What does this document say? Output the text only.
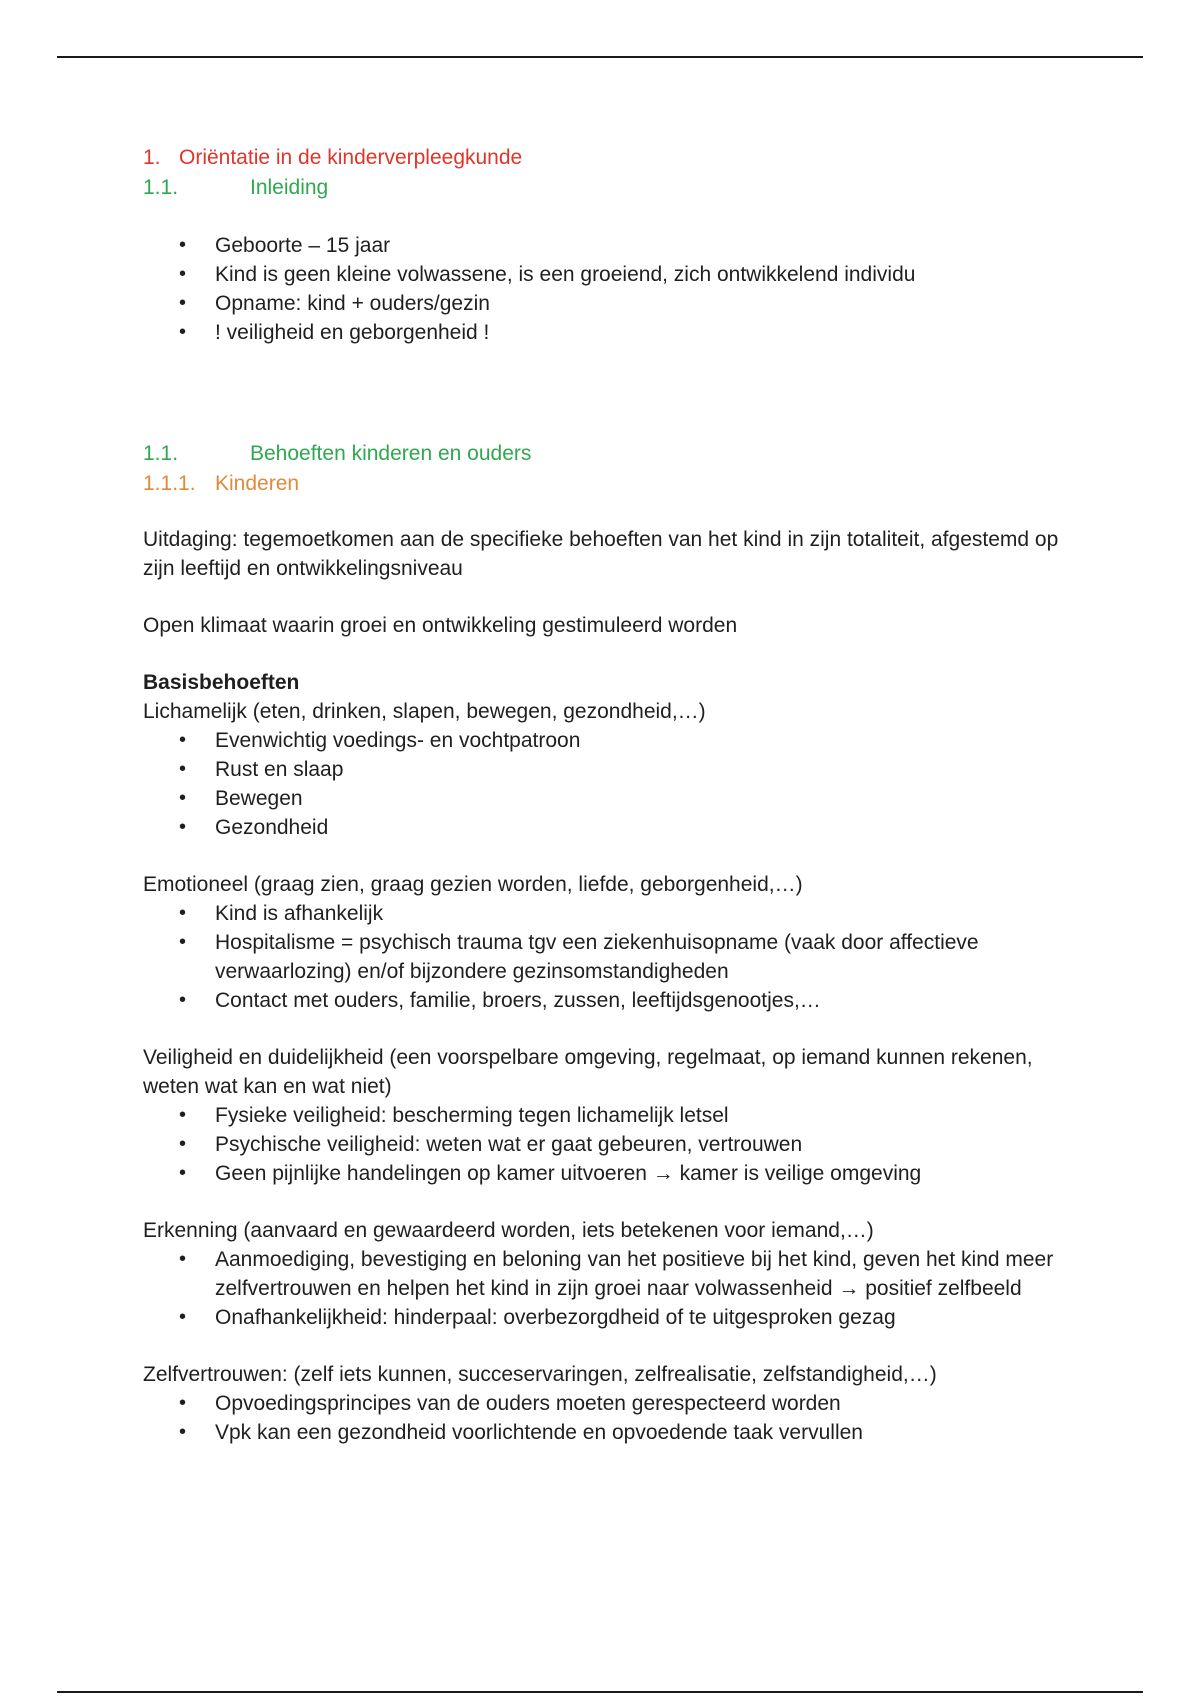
1. Oriëntatie in de kinderverpleegkunde
1.1.	Inleiding
• Geboorte – 15 jaar
• Kind is geen kleine volwassene, is een groeiend, zich ontwikkelend individu
• Opname: kind + ouders/gezin
• ! veiligheid en geborgenheid !
1.1.	Behoeften kinderen en ouders
1.1.1. Kinderen

Uitdaging: tegemoetkomen aan de specifieke behoeften van het kind in zijn totaliteit, afgestemd op zijn leeftijd en ontwikkelingsniveau

Open klimaat waarin groei en ontwikkeling gestimuleerd worden

Basisbehoeften

Lichamelijk (eten, drinken, slapen, bewegen, gezondheid,…)

• Evenwichtig voedings- en vochtpatroon
• Rust en slaap
• Bewegen
• Gezondheid

Emotioneel (graag zien, graag gezien worden, liefde, geborgenheid,…)

• Kind is afhankelijk
• Hospitalisme = psychisch trauma tgv een ziekenhuisopname (vaak door affectieve verwaarlozing) en/of bijzondere gezinsomstandigheden
• Contact met ouders, familie, broers, zussen, leeftijdsgenootjes,…

Veiligheid en duidelijkheid (een voorspelbare omgeving, regelmaat, op iemand kunnen rekenen, weten wat kan en wat niet)

• Fysieke veiligheid: bescherming tegen lichamelijk letsel
• Psychische veiligheid: weten wat er gaat gebeuren, vertrouwen
• Geen pijnlijke handelingen op kamer uitvoeren → kamer is veilige omgeving

Erkenning (aanvaard en gewaardeerd worden, iets betekenen voor iemand,…)

• Aanmoediging, bevestiging en beloning van het positieve bij het kind, geven het kind meer zelfvertrouwen en helpen het kind in zijn groei naar volwassenheid → positief zelfbeeld
• Onafhankelijkheid: hinderpaal: overbezorgdheid of te uitgesproken gezag

Zelfvertrouwen: (zelf iets kunnen, succeservaringen, zelfrealisatie, zelfstandigheid,…)

• Opvoedingsprincipes van de ouders moeten gerespecteerd worden
• Vpk kan een gezondheid voorlichtende en opvoedende taak vervullen
